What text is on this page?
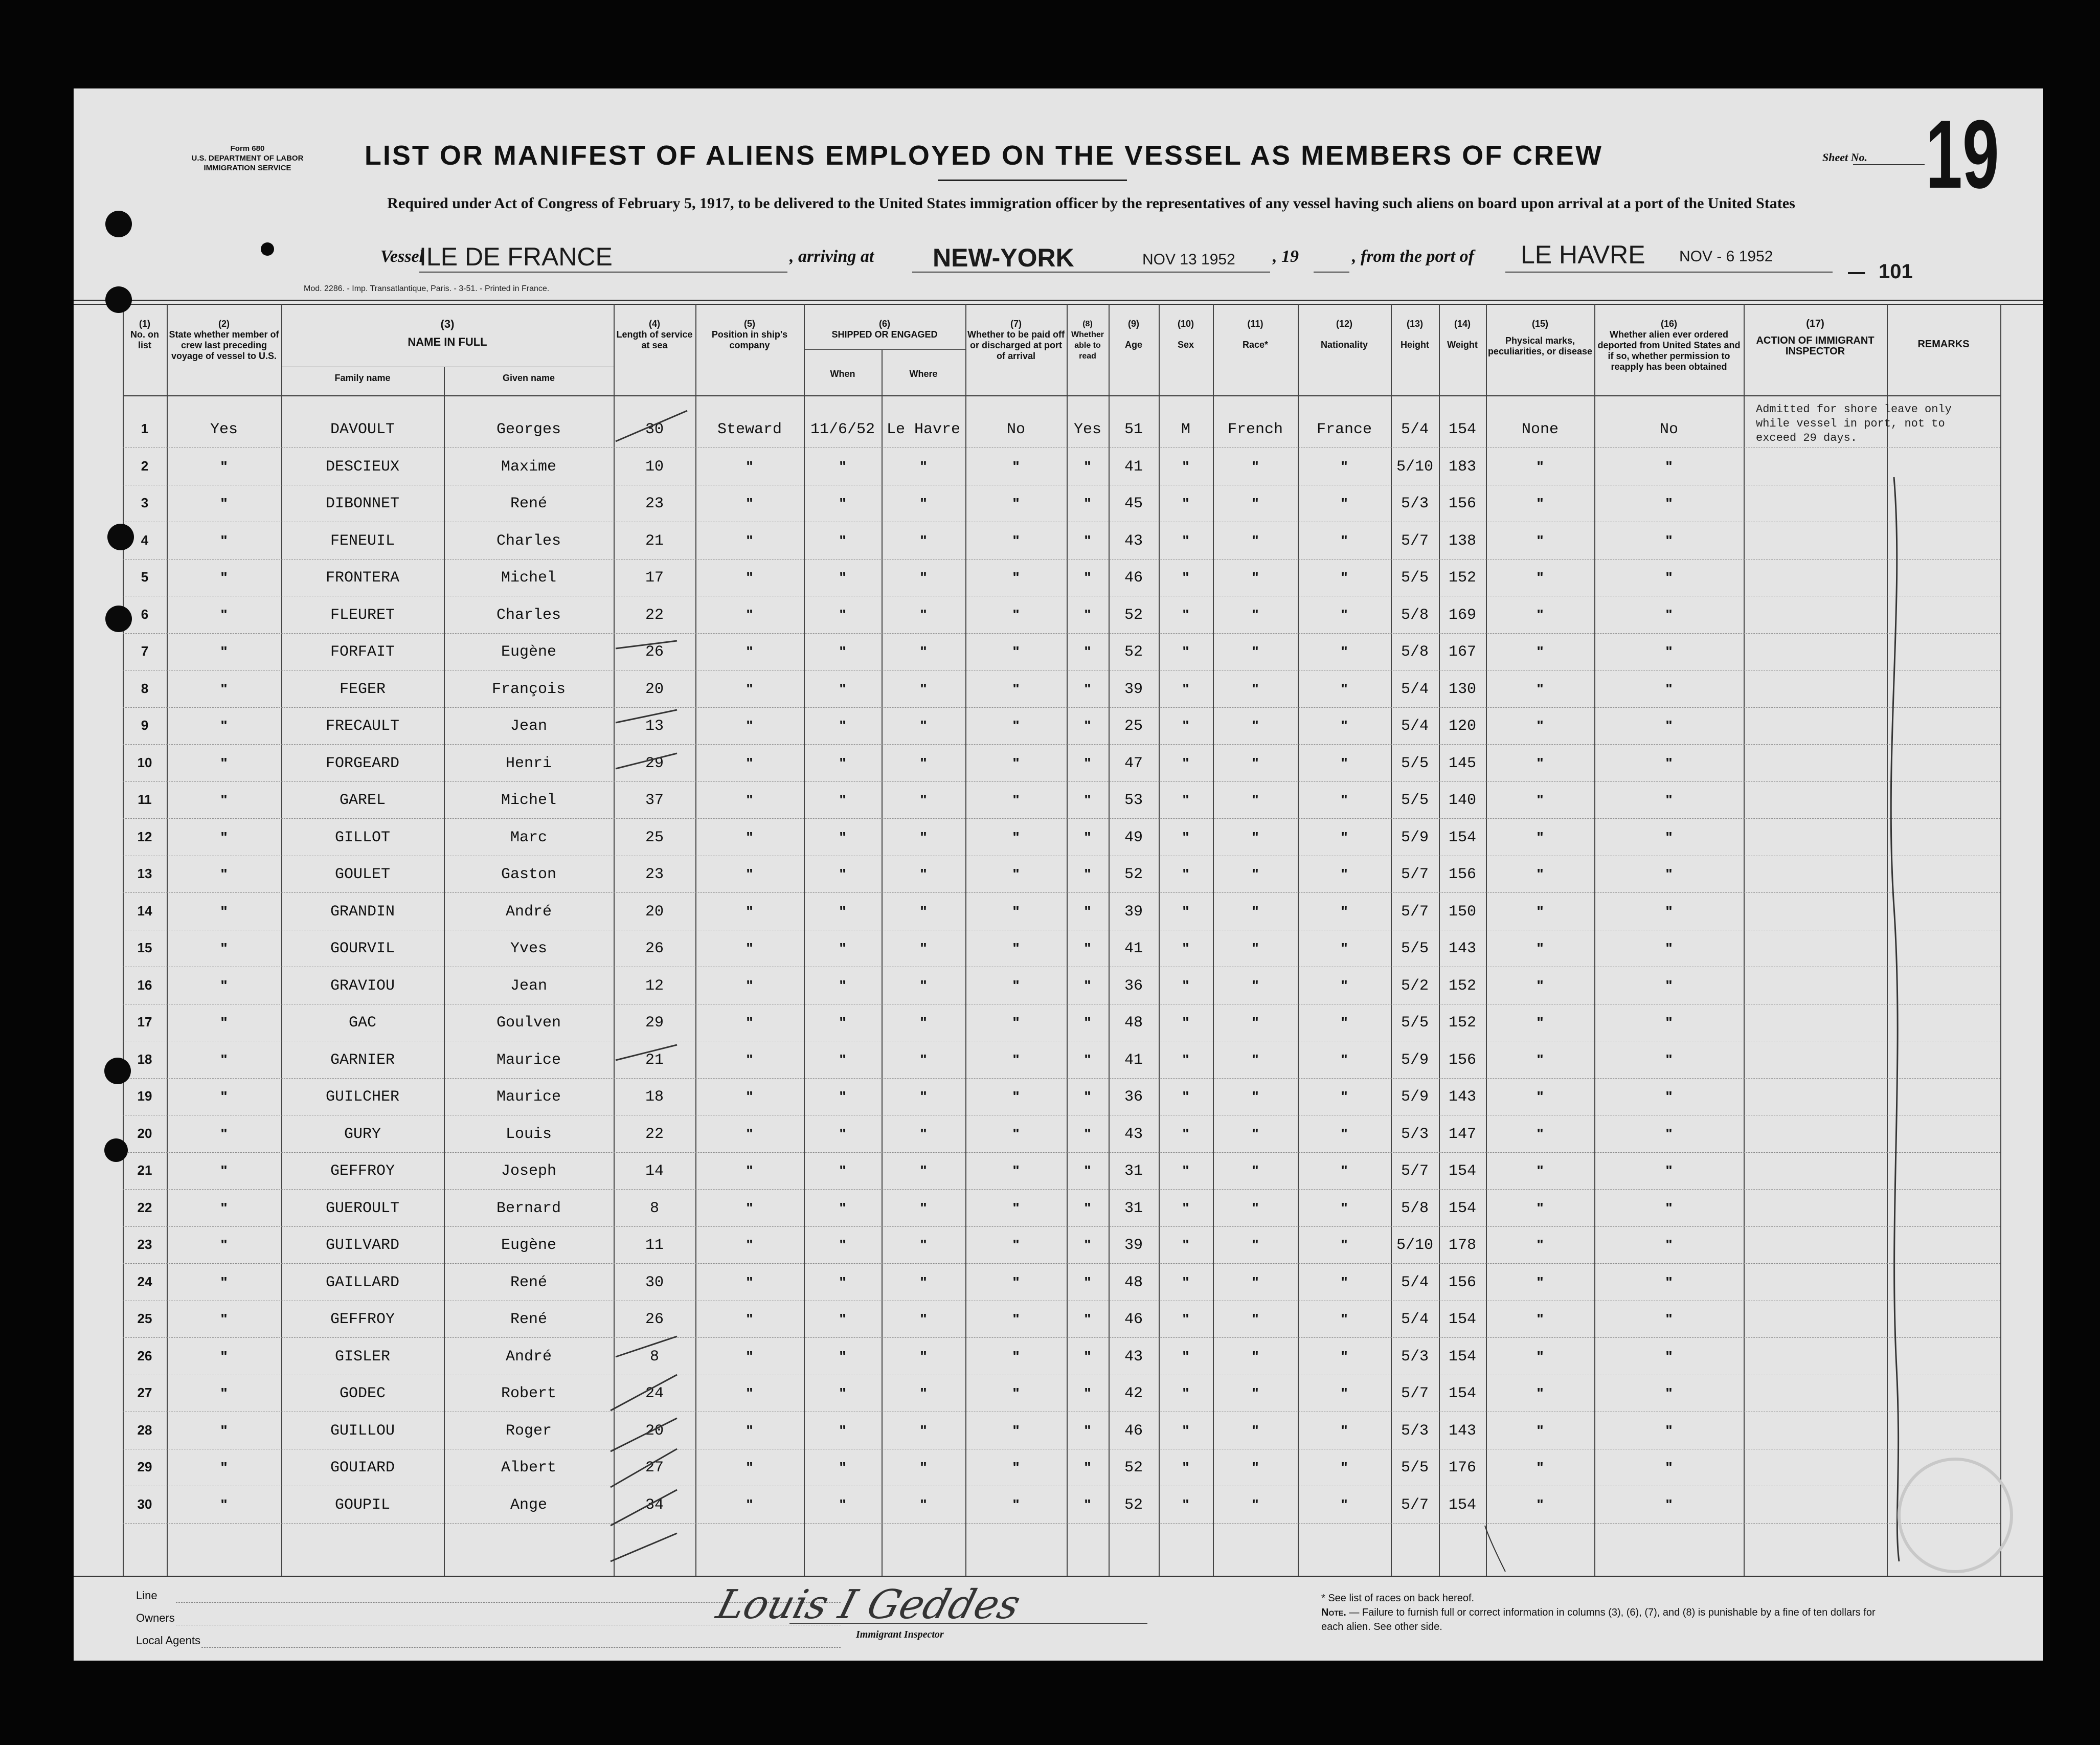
Form 680
U.S. DEPARTMENT OF LABOR
IMMIGRATION SERVICE	LIST OR MANIFEST OF ALIENS EMPLOYED ON THE VESSEL AS MEMBERS OF CREW	Sheet No. 19
Required under Act of Congress of February 5, 1917, to be delivered to the United States immigration officer by the representatives of any vessel having such aliens on board upon arrival at a port of the United States
Vessel
ILE DE FRANCE	, arriving at NEW-YORK	NOV 13 1952 , 19	, from the port of LE HAVRE NOV - 6 1952

101
Mod. 2286. - Imp. Transatlantique, Paris. - 3-51. - Printed in France.
(1)
No. on list
(2)
State whether member of crew last preceding voyage of vessel to U.S.
(3)
NAME IN FULL
Family name	Given name
(4)
Length of service at sea
(5)
Position in ship's company
(6)
SHIPPED OR ENGAGED
When	Where
(7)
Whether to be paid off or discharged at port of arrival
(8)
Whether able to read
(9)
Age
(10)
Sex
(11)
Race*
(12)
Nationality
(13)
Height
(14)
Weight
(15)
Physical marks, peculiarities, or disease
(16)
Whether alien ever ordered deported from United States and if so, whether permission to reapply has been obtained
(17)
ACTION OF IMMIGRANT INSPECTOR
REMARKS
1	Yes	DAVOULT	Georges	30	Steward	11/6/52 Le Havre	No	Yes	51	M	French	France	5/4	154	None	No
2	"	DESCIEUX	Maxime	10	"	"	"	"	"	41	"	"	"	5/10 183	"	"
3	"	DIBONNET	René	23	"	"	"	"	"	45	"	"	"	5/3	156	"	"
4	"	FENEUIL	Charles	21	"	"	"	"	"	43	"	"	"	5/7	138	"	"
5	"	FRONTERA	Michel	17	"	"	"	"	"	46	"	"	"	5/5	152	"	"
6	"	FLEURET	Charles	22	"	"	"	"	"	52	"	"	"	5/8	169	"	"
7	"	FORFAIT	Eugène	26	"	"	"	"	"	52	"	"	"	5/8	167	"	"
8	"	FEGER	François	20	"	"	"	"	"	39	"	"	"	5/4	130	"	"
9	"	FRECAULT	Jean	13	"	"	"	"	"	25	"	"	"	5/4	120	"	"
10	"	FORGEARD	Henri	29	"	"	"	"	"	47	"	"	"	5/5	145	"	"
11	"	GAREL	Michel	37	"	"	"	"	"	53	"	"	"	5/5	140	"	"
12	"	GILLOT	Marc	25	"	"	"	"	"	49	"	"	"	5/9	154	"	"
13	"	GOULET	Gaston	23	"	"	"	"	"	52	"	"	"	5/7	156	"	"
14	"	GRANDIN	André	20	"	"	"	"	"	39	"	"	"	5/7	150	"	"
15	"	GOURVIL	Yves	26	"	"	"	"	"	41	"	"	"	5/5	143	"	"
16	"	GRAVIOU	Jean	12	"	"	"	"	"	36	"	"	"	5/2	152	"	"
17	"	GAC	Goulven	29	"	"	"	"	"	48	"	"	"	5/5	152	"	"
18	"	GARNIER	Maurice	21	"	"	"	"	"	41	"	"	"	5/9	156	"	"
19	"	GUILCHER	Maurice	18	"	"	"	"	"	36	"	"	"	5/9	143	"	"
20	"	GURY	Louis	22	"	"	"	"	"	43	"	"	"	5/3	147	"	"
21	"	GEFFROY	Joseph	14	"	"	"	"	"	31	"	"	"	5/7	154	"	"
22	"	GUEROULT	Bernard	8	"	"	"	"	"	31	"	"	"	5/8	154	"	"
23	"	GUILVARD	Eugène	11	"	"	"	"	"	39	"	"	"	5/10 178	"	"
24	"	GAILLARD	René	30	"	"	"	"	"	48	"	"	"	5/4	156	"	"
25	"	GEFFROY	René	26	"	"	"	"	"	46	"	"	"	5/4	154	"	"
26	"	GISLER	André	8	"	"	"	"	"	43	"	"	"	5/3	154	"	"
27	"	GODEC	Robert	24	"	"	"	"	"	42	"	"	"	5/7	154	"	"
28	"	GUILLOU	Roger	20	"	"	"	"	"	46	"	"	"	5/3	143	"	"
29	"	GOUIARD	Albert	27	"	"	"	"	"	52	"	"	"	5/5	176	"	"
30	"	GOUPIL	Ange	34	"	"	"	"	"	52	"	"	"	5/7	154	"	"
Admitted for shore leave only while vessel in port, not to exceed 29 days.
Line
Owners
Local Agents
Louis I Geddes
Immigrant Inspector
* See list of races on back hereof.
Note. — Failure to furnish full or correct information in columns (3), (6), (7), and (8) is punishable by a fine of ten dollars for each alien. See other side.
